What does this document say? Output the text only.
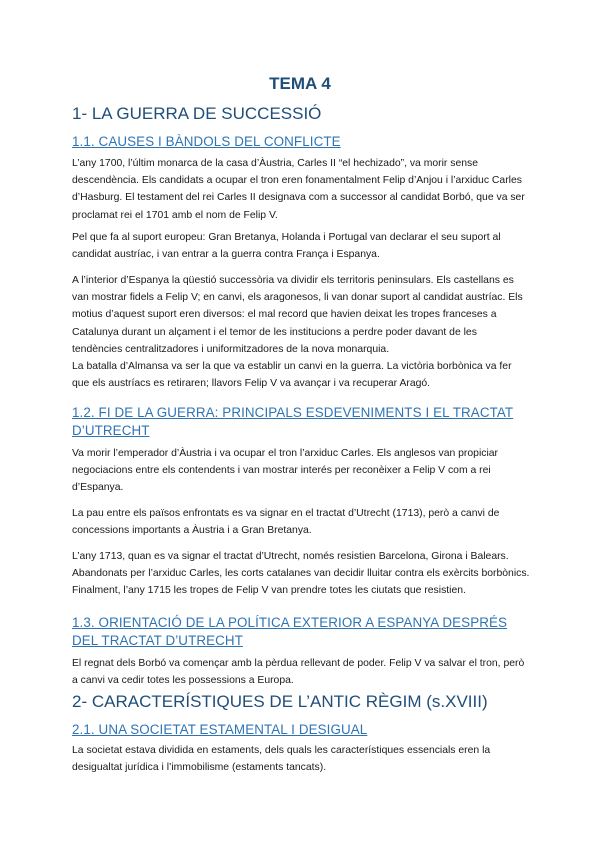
TEMA 4
1- LA GUERRA DE SUCCESSIÓ
1.1. CAUSES I BÀNDOLS DEL CONFLICTE

L’any 1700, l’últim monarca de la casa d’Àustria, Carles II “el hechizado”, va morir sense descendència. Els candidats a ocupar el tron eren fonamentalment Felip d’Anjou i l’arxiduc Carles d’Hasburg. El testament del rei Carles II designava com a successor al candidat Borbó, que va ser proclamat rei el 1701 amb el nom de Felip V.

Pel que fa al suport europeu: Gran Bretanya, Holanda i Portugal van declarar el seu suport al candidat austríac, i van entrar a la guerra contra França i Espanya.

A l’interior d’Espanya la qüestió successòria va dividir els territoris peninsulars. Els castellans es van mostrar fidels a Felip V; en canvi, els aragonesos, li van donar suport al candidat austríac. Els motius d’aquest suport eren diversos: el mal record que havien deixat les tropes franceses a Catalunya durant un alçament i el temor de les institucions a perdre poder davant de les tendències centralitzadores i uniformitzadores de la nova monarquia.

La batalla d’Almansa va ser la que va establir un canvi en la guerra. La victòria borbònica va fer que els austríacs es retiraren; llavors Felip V va avançar i va recuperar Aragó.

1.2. FI DE LA GUERRA: PRINCIPALS ESDEVENIMENTS I EL TRACTAT D’UTRECHT

Va morir l’emperador d’Àustria i va ocupar el tron l’arxiduc Carles. Els anglesos van propiciar negociacions entre els contendents i van mostrar interés per reconèixer a Felip V com a rei d’Espanya.

La pau entre els països enfrontats es va signar en el tractat d’Utrecht (1713), però a canvi de concessions importants a Àustria i a Gran Bretanya.

L’any 1713, quan es va signar el tractat d’Utrecht, només resistien Barcelona, Girona i Balears. Abandonats per l’arxiduc Carles, les corts catalanes van decidir lluitar contra els exèrcits borbònics. Finalment, l’any 1715 les tropes de Felip V van prendre totes les ciutats que resistien.

1.3. ORIENTACIÓ DE LA POLÍTICA EXTERIOR A ESPANYA DESPRÉS DEL TRACTAT D’UTRECHT

El regnat dels Borbó va començar amb la pèrdua rellevant de poder. Felip V va salvar el tron, però a canvi va cedir totes les possessions a Europa.

2- CARACTERÍSTIQUES DE L’ANTIC RÈGIM (s.XVIII)
2.1. UNA SOCIETAT ESTAMENTAL I DESIGUAL

La societat estava dividida en estaments, dels quals les característiques essencials eren la desigualtat jurídica i l’immobilisme (estaments tancats).
